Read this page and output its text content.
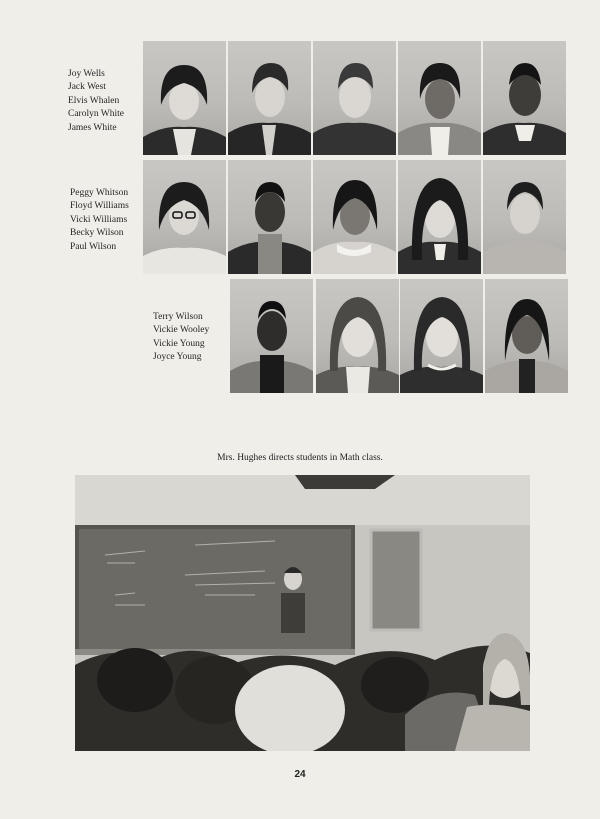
Joy Wells
Jack West
Elvis Whalen
Carolyn White
James White
Peggy Whitson
Floyd Williams
Vicki Williams
Becky Wilson
Paul Wilson
Terry Wilson
Vickie Wooley
Vickie Young
Joyce Young
Mrs. Hughes directs students in Math class.
24
